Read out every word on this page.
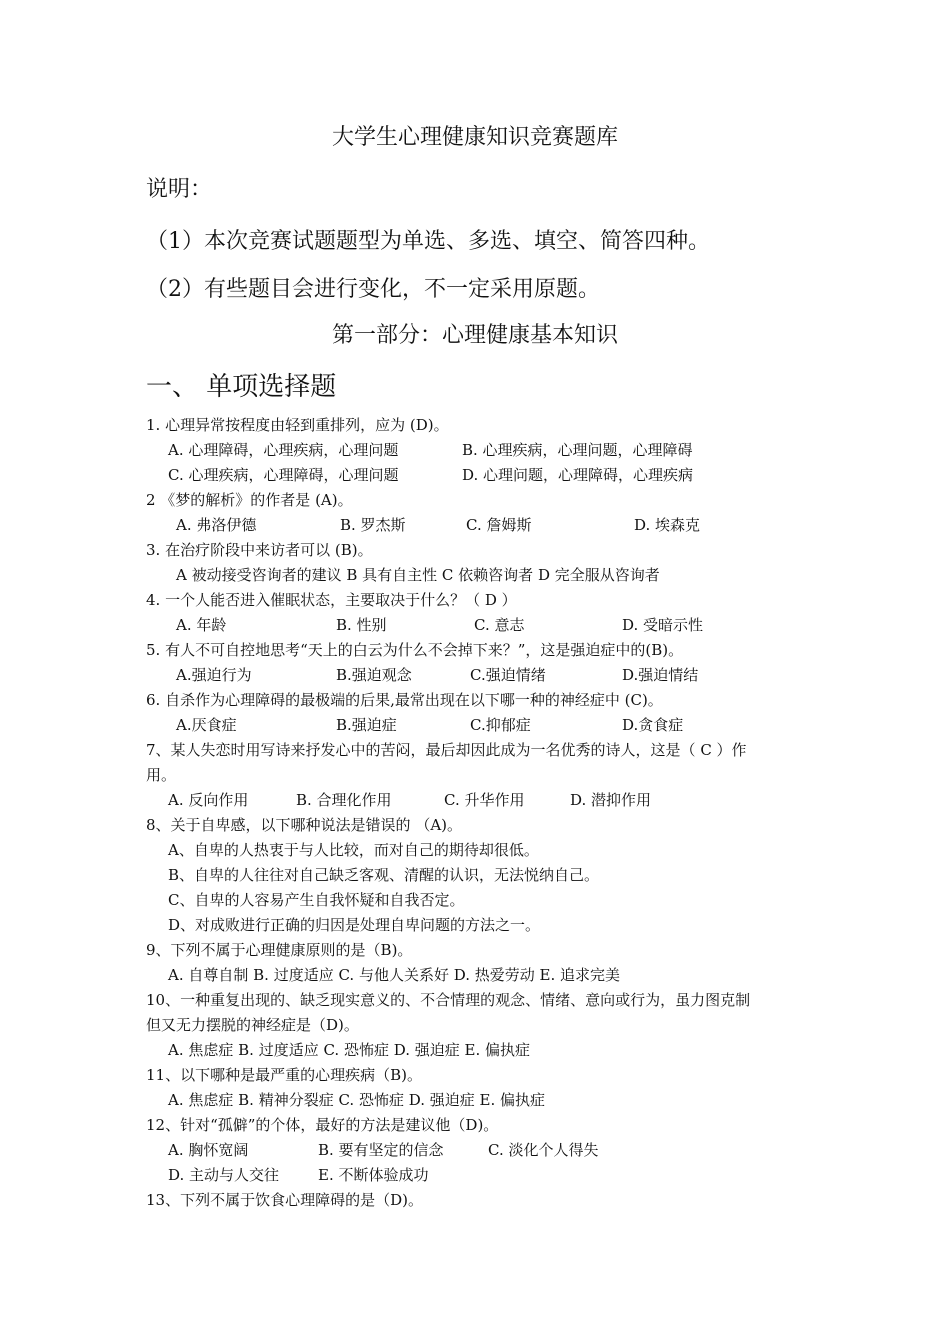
大学生心理健康知识竞赛题库
说明：
（1）本次竞赛试题题型为单选、多选、填空、简答四种。
（2）有些题目会进行变化，不一定采用原题。
第一部分：心理健康基本知识
一、 单项选择题
1. 心理异常按程度由轻到重排列，应为 (D)。
A. 心理障碍，心理疾病，心理问题	B. 心理疾病，心理问题，心理障碍
C. 心理疾病，心理障碍，心理问题	D. 心理问题，心理障碍，心理疾病
2 《梦的解析》的作者是 (A)。
A. 弗洛伊德	B. 罗杰斯	C. 詹姆斯	D. 埃森克
3. 在治疗阶段中来访者可以 (B)。
A 被动接受咨询者的建议 B 具有自主性 C 依赖咨询者 D 完全服从咨询者
4. 一个人能否进入催眠状态，主要取决于什么？（ D ）
A. 年龄	B. 性别	C. 意志	D. 受暗示性
5. 有人不可自控地思考“天上的白云为什么不会掉下来？”，这是强迫症中的(B)。
A.强迫行为	B.强迫观念	C.强迫情绪	D.强迫情结
6. 自杀作为心理障碍的最极端的后果,最常出现在以下哪一种的神经症中 (C)。
A.厌食症	B.强迫症	C.抑郁症	D.贪食症
7、某人失恋时用写诗来抒发心中的苦闷，最后却因此成为一名优秀的诗人，这是（ C ）作
用。
A. 反向作用	B. 合理化作用	C. 升华作用	D. 潜抑作用
8、关于自卑感，以下哪种说法是错误的 （A)。
A、自卑的人热衷于与人比较，而对自己的期待却很低。
B、自卑的人往往对自己缺乏客观、清醒的认识，无法悦纳自己。
C、自卑的人容易产生自我怀疑和自我否定。
D、对成败进行正确的归因是处理自卑问题的方法之一。
9、下列不属于心理健康原则的是（B)。
A. 自尊自制 B. 过度适应 C. 与他人关系好 D. 热爱劳动 E. 追求完美
10、一种重复出现的、缺乏现实意义的、不合情理的观念、情绪、意向或行为，虽力图克制
但又无力摆脱的神经症是（D)。
A. 焦虑症 B. 过度适应 C. 恐怖症 D. 强迫症 E. 偏执症
11、以下哪种是最严重的心理疾病（B)。
A. 焦虑症 B. 精神分裂症 C. 恐怖症 D. 强迫症 E. 偏执症
12、针对“孤僻”的个体，最好的方法是建议他（D)。
A. 胸怀宽阔	B. 要有坚定的信念	C. 淡化个人得失
D. 主动与人交往	E. 不断体验成功
13、下列不属于饮食心理障碍的是（D)。
